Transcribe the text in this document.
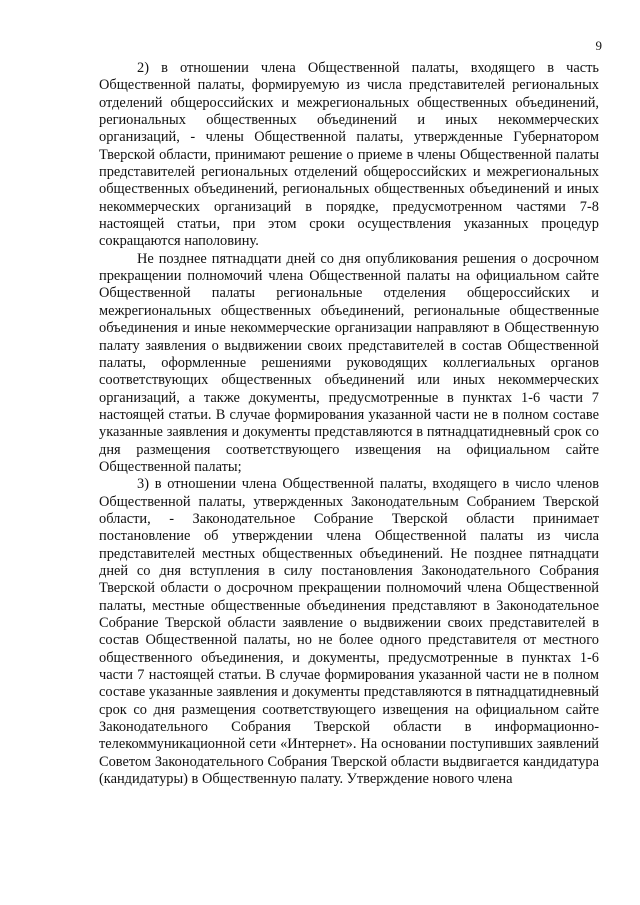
9

2) в отношении члена Общественной палаты, входящего в часть Общественной палаты, формируемую из числа представителей региональных отделений общероссийских и межрегиональных общественных объединений, региональных общественных объединений и иных некоммерческих организаций, - члены Общественной палаты, утвержденные Губернатором Тверской области, принимают решение о приеме в члены Общественной палаты представителей региональных отделений общероссийских и межрегиональных общественных объединений, региональных общественных объединений и иных некоммерческих организаций в порядке, предусмотренном частями 7-8 настоящей статьи, при этом сроки осуществления указанных процедур сокращаются наполовину.

Не позднее пятнадцати дней со дня опубликования решения о досрочном прекращении полномочий члена Общественной палаты на официальном сайте Общественной палаты региональные отделения общероссийских и межрегиональных общественных объединений, региональные общественные объединения и иные некоммерческие организации направляют в Общественную палату заявления о выдвижении своих представителей в состав Общественной палаты, оформленные решениями руководящих коллегиальных органов соответствующих общественных объединений или иных некоммерческих организаций, а также документы, предусмотренные в пунктах 1-6 части 7 настоящей статьи. В случае формирования указанной части не в полном составе указанные заявления и документы представляются в пятнадцатидневный срок со дня размещения соответствующего извещения на официальном сайте Общественной палаты;

3) в отношении члена Общественной палаты, входящего в число членов Общественной палаты, утвержденных Законодательным Собранием Тверской области, - Законодательное Собрание Тверской области принимает постановление об утверждении члена Общественной палаты из числа представителей местных общественных объединений. Не позднее пятнадцати дней со дня вступления в силу постановления Законодательного Собрания Тверской области о досрочном прекращении полномочий члена Общественной палаты, местные общественные объединения представляют в Законодательное Собрание Тверской области заявление о выдвижении своих представителей в состав Общественной палаты, но не более одного представителя от местного общественного объединения, и документы, предусмотренные в пунктах 1-6 части 7 настоящей статьи. В случае формирования указанной части не в полном составе указанные заявления и документы представляются в пятнадцатидневный срок со дня размещения соответствующего извещения на официальном сайте Законодательного Собрания Тверской области в информационно-телекоммуникационной сети «Интернет». На основании поступивших заявлений Советом Законодательного Собрания Тверской области выдвигается кандидатура (кандидатуры) в Общественную палату. Утверждение нового члена
